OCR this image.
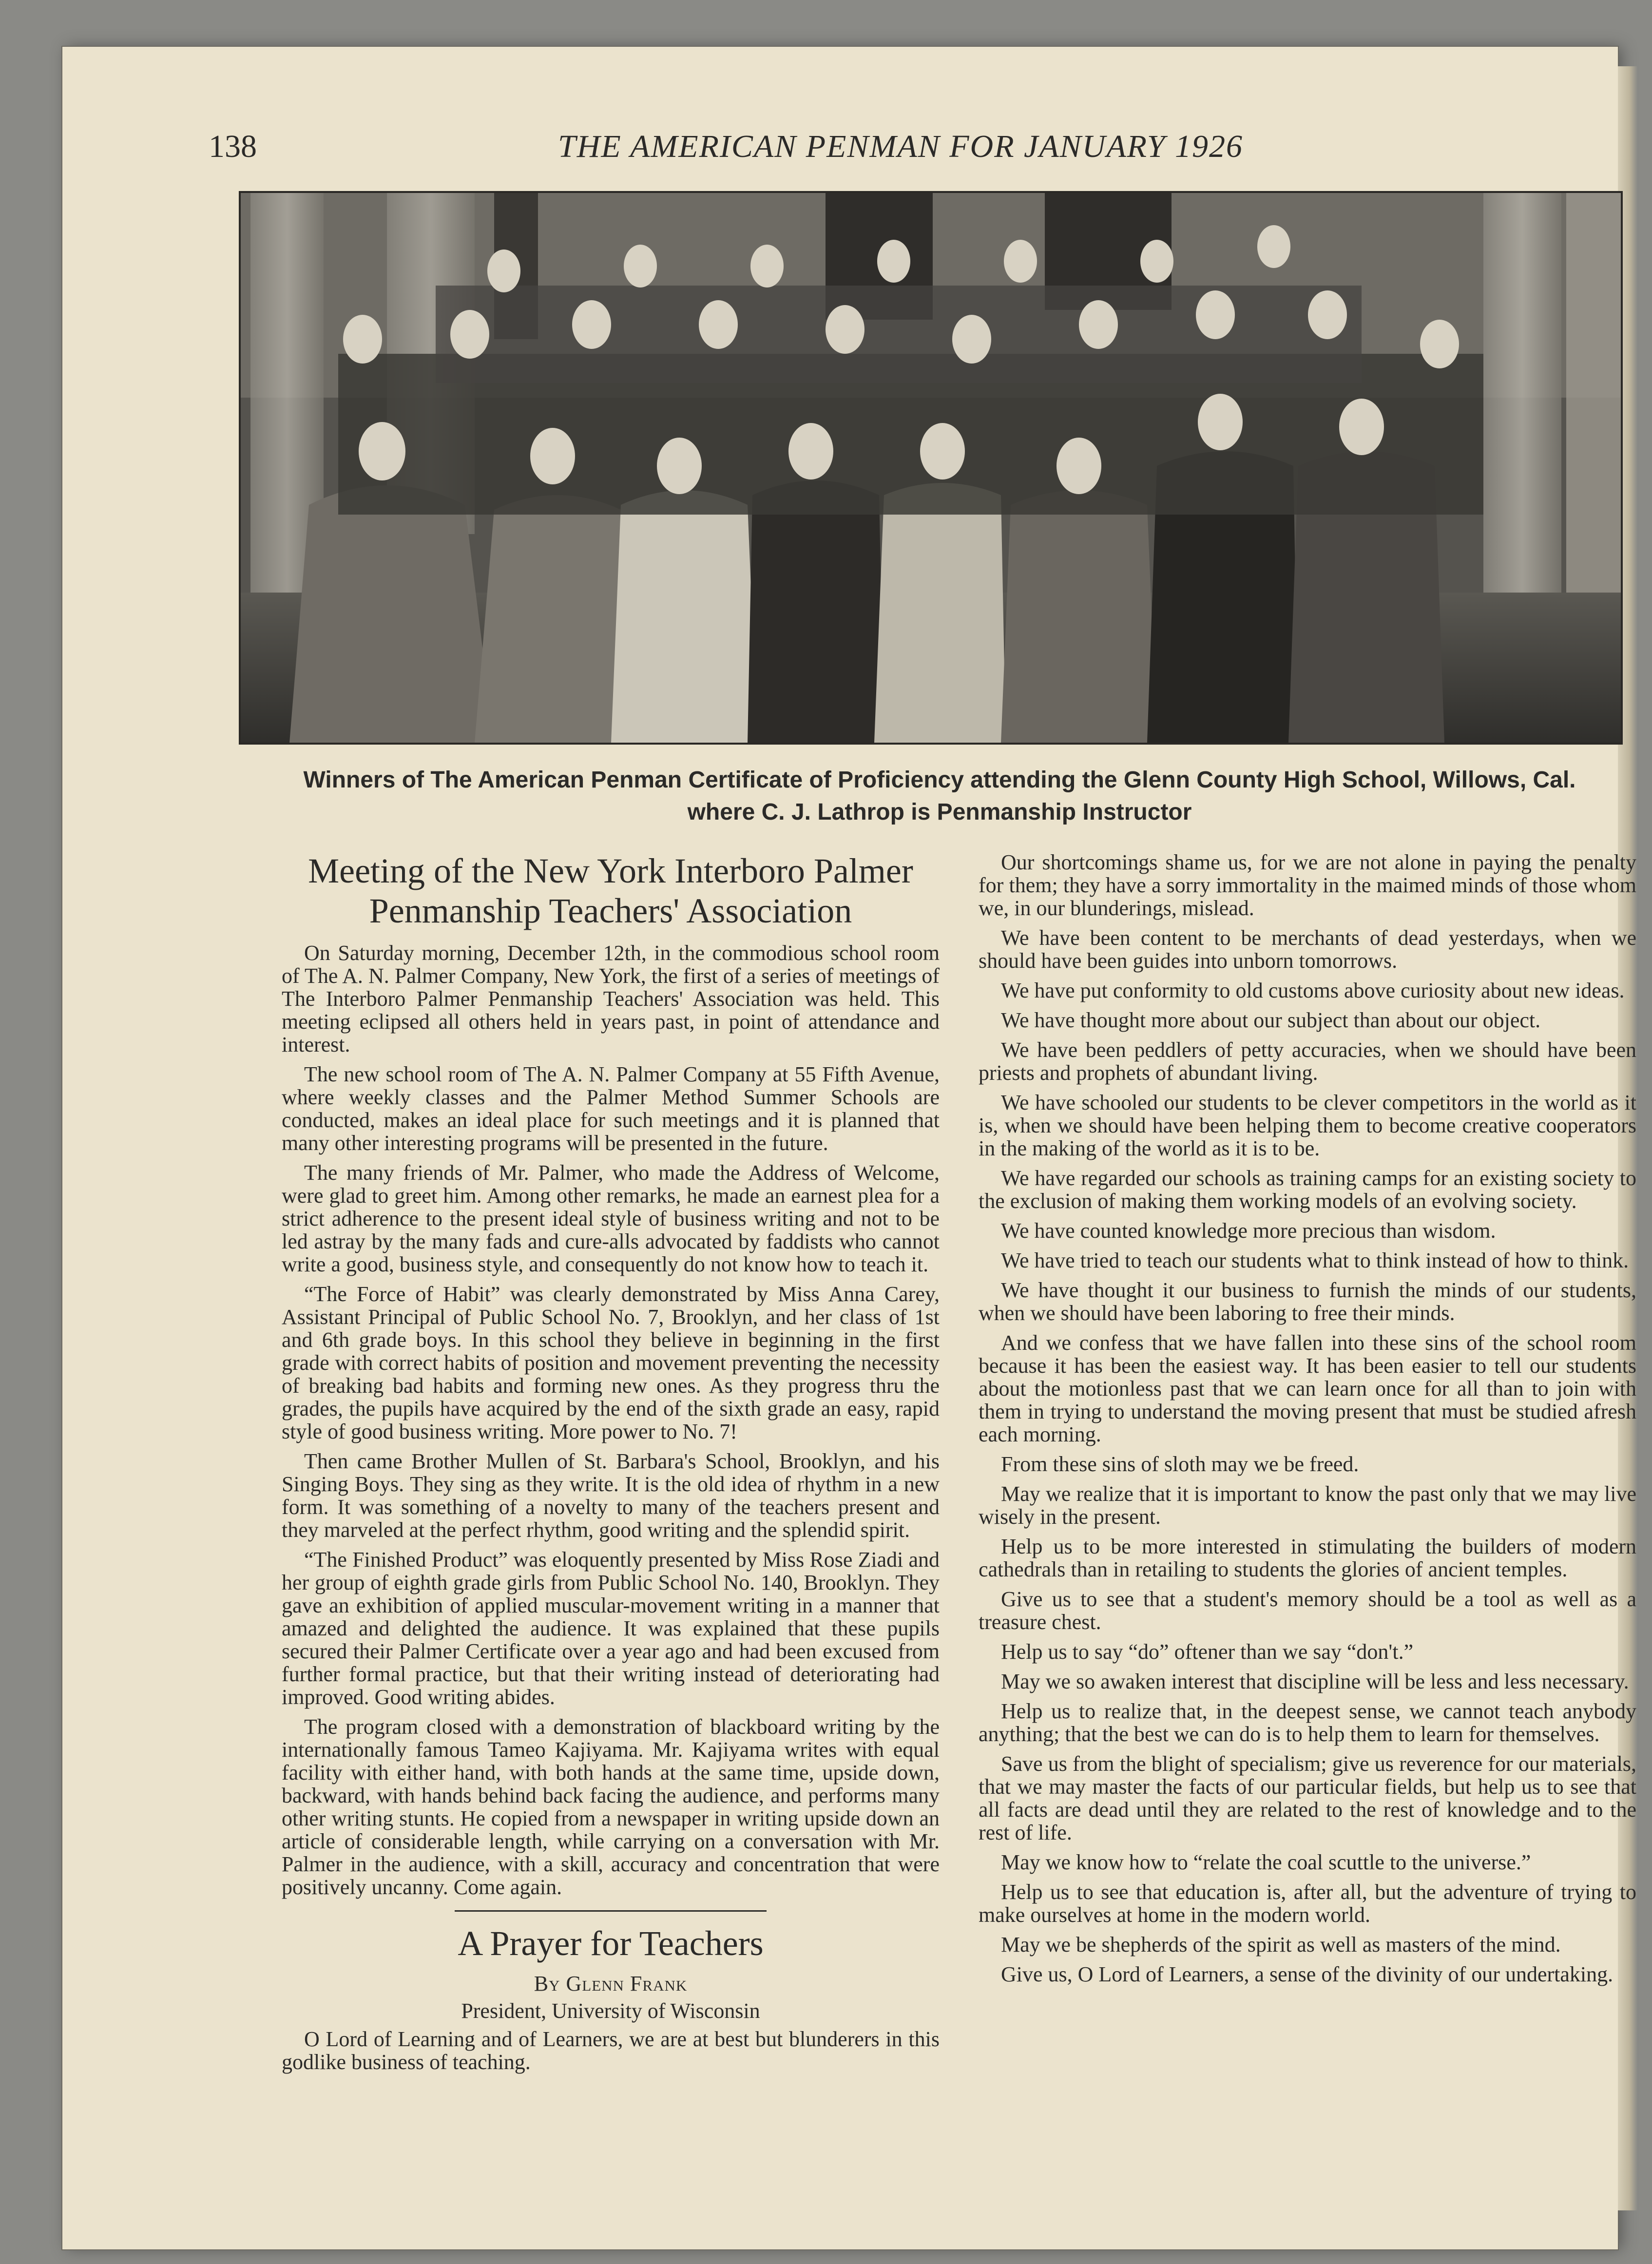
138	THE AMERICAN PENMAN FOR JANUARY 1926
Winners of The American Penman Certificate of Proficiency attending the Glenn County High School, Willows, Cal.
where C. J. Lathrop is Penmanship Instructor
Meeting of the New York Interboro Palmer Penmanship Teachers' Association

On Saturday morning, December 12th, in the commodious school room of The A. N. Palmer Company, New York, the first of a series of meetings of The Interboro Palmer Penmanship Teachers' Association was held. This meeting eclipsed all others held in years past, in point of attendance and interest.

The new school room of The A. N. Palmer Company at 55 Fifth Avenue, where weekly classes and the Palmer Method Summer Schools are conducted, makes an ideal place for such meetings and it is planned that many other interesting programs will be presented in the future.

The many friends of Mr. Palmer, who made the Address of Welcome, were glad to greet him. Among other remarks, he made an earnest plea for a strict adherence to the present ideal style of business writing and not to be led astray by the many fads and cure-alls advocated by faddists who cannot write a good, business style, and consequently do not know how to teach it.

“The Force of Habit” was clearly demonstrated by Miss Anna Carey, Assistant Principal of Public School No. 7, Brooklyn, and her class of 1st and 6th grade boys. In this school they believe in beginning in the first grade with correct habits of position and movement preventing the necessity of breaking bad habits and forming new ones. As they progress thru the grades, the pupils have acquired by the end of the sixth grade an easy, rapid style of good business writing. More power to No. 7!

Then came Brother Mullen of St. Barbara's School, Brooklyn, and his Singing Boys. They sing as they write. It is the old idea of rhythm in a new form. It was something of a novelty to many of the teachers present and they marveled at the perfect rhythm, good writing and the splendid spirit.

“The Finished Product” was eloquently presented by Miss Rose Ziadi and her group of eighth grade girls from Public School No. 140, Brooklyn. They gave an exhibition of applied muscular-movement writing in a manner that amazed and delighted the audience. It was explained that these pupils secured their Palmer Certificate over a year ago and had been excused from further formal practice, but that their writing instead of deteriorating had improved. Good writing abides.

The program closed with a demonstration of blackboard writing by the internationally famous Tameo Kajiyama. Mr. Kajiyama writes with equal facility with either hand, with both hands at the same time, upside down, backward, with hands behind back facing the audience, and performs many other writing stunts. He copied from a newspaper in writing upside down an article of considerable length, while carrying on a conversation with Mr. Palmer in the audience, with a skill, accuracy and concentration that were positively uncanny. Come again.

A Prayer for Teachers
By Glenn Frank
President, University of Wisconsin

O Lord of Learning and of Learners, we are at best but blunderers in this godlike business of teaching.

Our shortcomings shame us, for we are not alone in paying the penalty for them; they have a sorry immortality in the maimed minds of those whom we, in our blunderings, mislead.

We have been content to be merchants of dead yesterdays, when we should have been guides into unborn tomorrows.

We have put conformity to old customs above curiosity about new ideas.

We have thought more about our subject than about our object.

We have been peddlers of petty accuracies, when we should have been priests and prophets of abundant living.

We have schooled our students to be clever competitors in the world as it is, when we should have been helping them to become creative cooperators in the making of the world as it is to be.

We have regarded our schools as training camps for an existing society to the exclusion of making them working models of an evolving society.

We have counted knowledge more precious than wisdom.

We have tried to teach our students what to think instead of how to think.

We have thought it our business to furnish the minds of our students, when we should have been laboring to free their minds.

And we confess that we have fallen into these sins of the school room because it has been the easiest way. It has been easier to tell our students about the motionless past that we can learn once for all than to join with them in trying to understand the moving present that must be studied afresh each morning.

From these sins of sloth may we be freed.

May we realize that it is important to know the past only that we may live wisely in the present.

Help us to be more interested in stimulating the builders of modern cathedrals than in retailing to students the glories of ancient temples.

Give us to see that a student's memory should be a tool as well as a treasure chest.

Help us to say “do” oftener than we say “don't.”

May we so awaken interest that discipline will be less and less necessary.

Help us to realize that, in the deepest sense, we cannot teach anybody anything; that the best we can do is to help them to learn for themselves.

Save us from the blight of specialism; give us reverence for our materials, that we may master the facts of our particular fields, but help us to see that all facts are dead until they are related to the rest of knowledge and to the rest of life.

May we know how to “relate the coal scuttle to the universe.”

Help us to see that education is, after all, but the adventure of trying to make ourselves at home in the modern world.

May we be shepherds of the spirit as well as masters of the mind.

Give us, O Lord of Learners, a sense of the divinity of our undertaking.
